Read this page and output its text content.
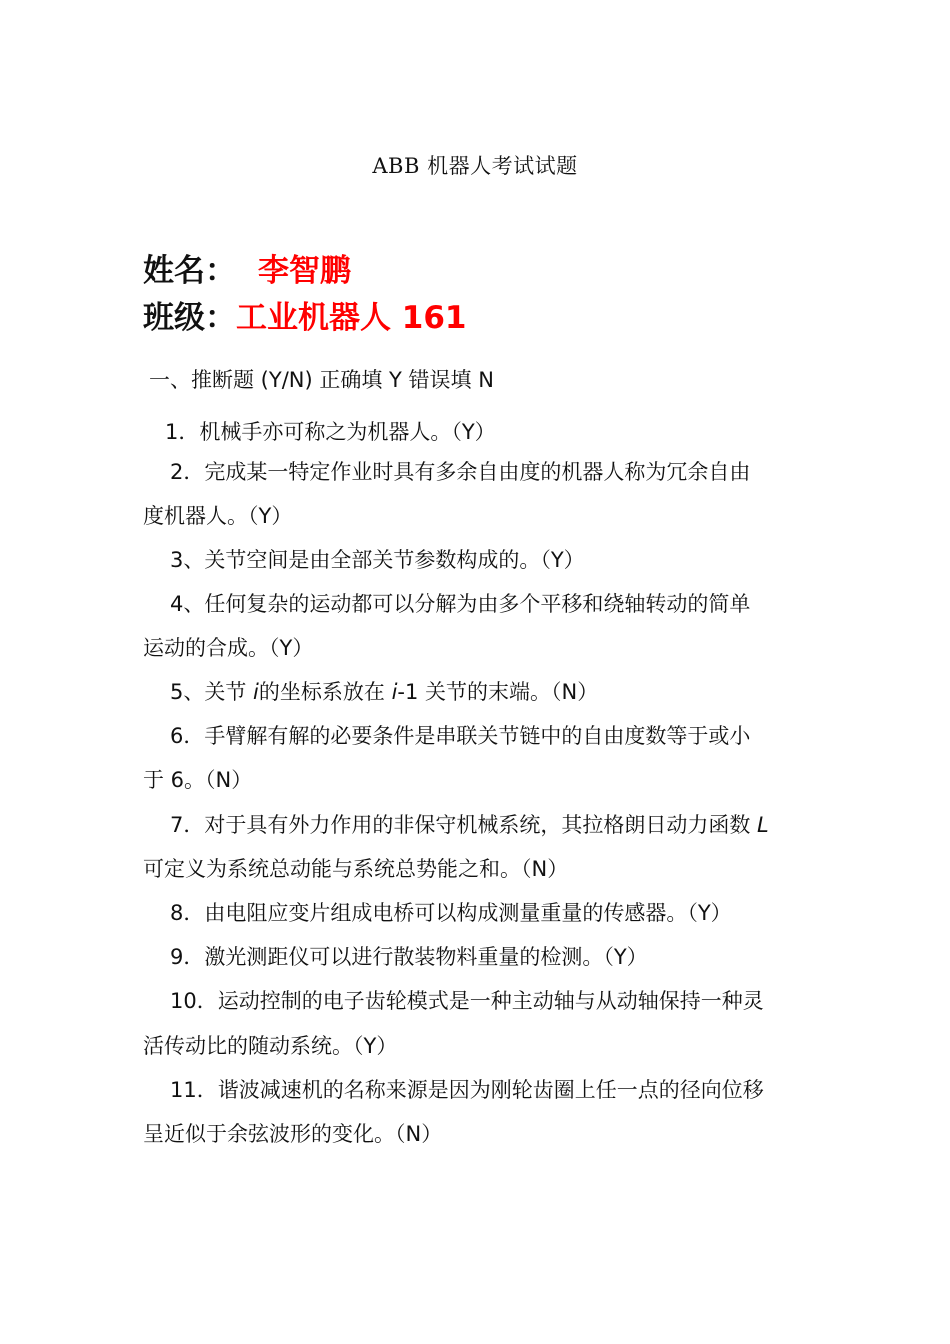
ABB 机器人考试试题
姓名： 李智鹏
班级：工业机器人 161
一、推断题 (Y/N) 正确填 Y 错误填 N
1．机械手亦可称之为机器人。（Y）
2．完成某一特定作业时具有多余自由度的机器人称为冗余自由
度机器人。（Y）
3、关节空间是由全部关节参数构成的。（Y）
4、任何复杂的运动都可以分解为由多个平移和绕轴转动的简单
运动的合成。（Y）
5、关节 i的坐标系放在 i-1 关节的末端。（N）
6．手臂解有解的必要条件是串联关节链中的自由度数等于或小
于 6。（N）
7．对于具有外力作用的非保守机械系统，其拉格朗日动力函数 L
可定义为系统总动能与系统总势能之和。（N）
8．由电阻应变片组成电桥可以构成测量重量的传感器。（Y）
9．激光测距仪可以进行散装物料重量的检测。（Y）
10．运动控制的电子齿轮模式是一种主动轴与从动轴保持一种灵
活传动比的随动系统。（Y）
11．谐波减速机的名称来源是因为刚轮齿圈上任一点的径向位移
呈近似于余弦波形的变化。（N）
